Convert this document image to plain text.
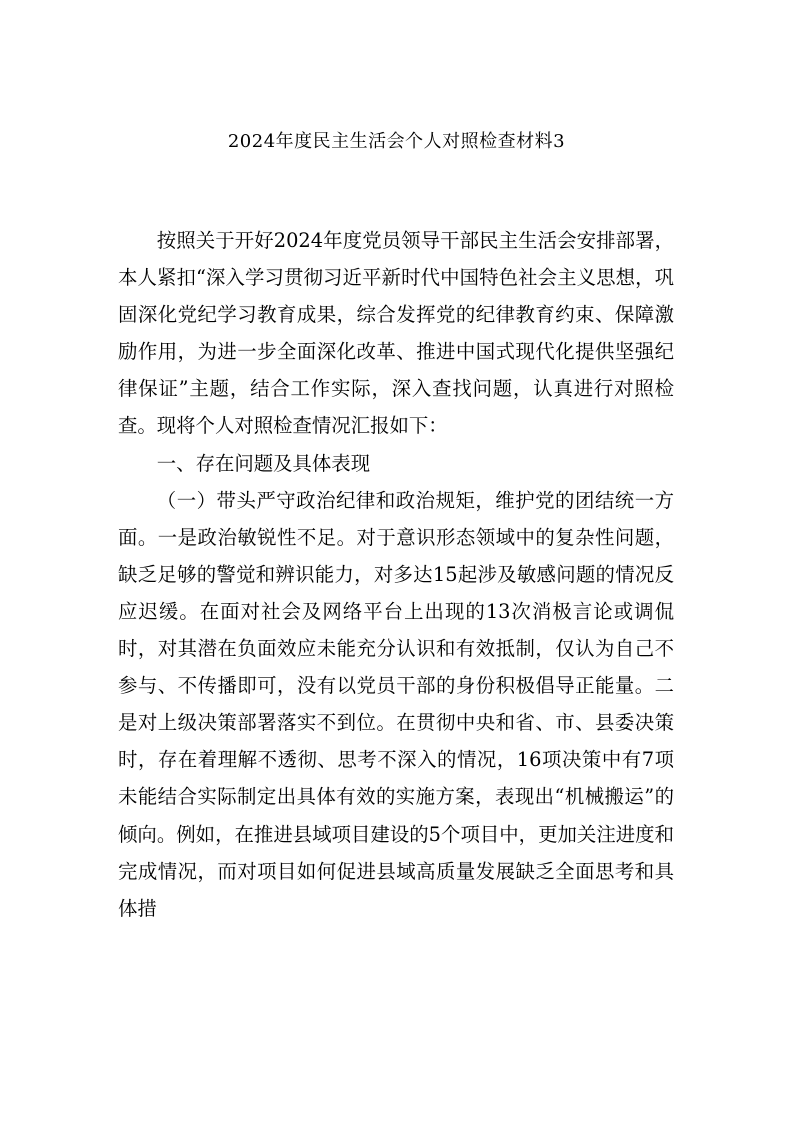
2024年度民主生活会个人对照检查材料3

按照关于开好2024年度党员领导干部民主生活会安排部署，本人紧扣“深入学习贯彻习近平新时代中国特色社会主义思想，巩固深化党纪学习教育成果，综合发挥党的纪律教育约束、保障激励作用，为进一步全面深化改革、推进中国式现代化提供坚强纪律保证”主题，结合工作实际，深入查找问题，认真进行对照检查。现将个人对照检查情况汇报如下：

一、存在问题及具体表现

（一）带头严守政治纪律和政治规矩，维护党的团结统一方面。一是政治敏锐性不足。对于意识形态领域中的复杂性问题，缺乏足够的警觉和辨识能力，对多达15起涉及敏感问题的情况反应迟缓。在面对社会及网络平台上出现的13次消极言论或调侃时，对其潜在负面效应未能充分认识和有效抵制，仅认为自己不参与、不传播即可，没有以党员干部的身份积极倡导正能量。二是对上级决策部署落实不到位。在贯彻中央和省、市、县委决策时，存在着理解不透彻、思考不深入的情况，16项决策中有7项未能结合实际制定出具体有效的实施方案，表现出“机械搬运”的倾向。例如，在推进县域项目建设的5个项目中，更加关注进度和完成情况，而对项目如何促进县域高质量发展缺乏全面思考和具体措
